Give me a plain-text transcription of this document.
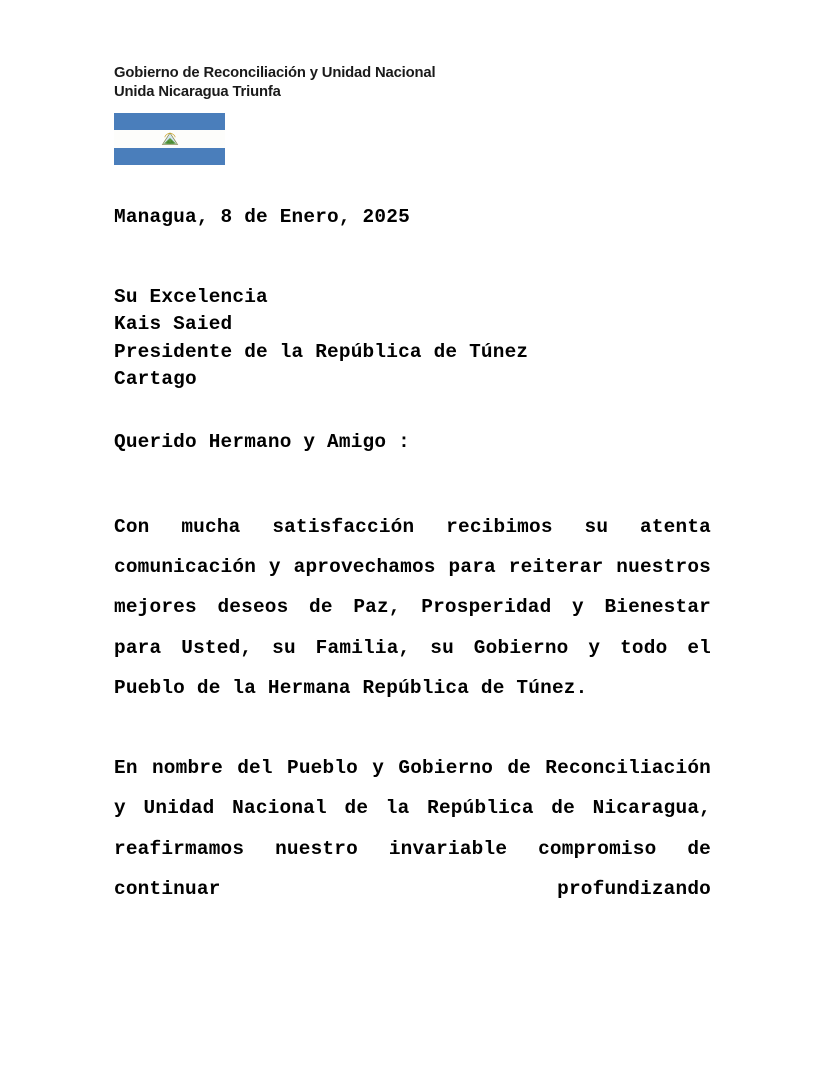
Gobierno de Reconciliación y Unidad Nacional
Unida Nicaragua Triunfa
Managua, 8 de Enero, 2025
Su Excelencia
Kais Saied
Presidente de la República de Túnez
Cartago
Querido Hermano y Amigo :

Con mucha satisfacción recibimos su atenta comunicación y aprovechamos para reiterar nuestros mejores deseos de Paz, Prosperidad y Bienestar para Usted, su Familia, su Gobierno y todo el Pueblo de la Hermana República de Túnez.

En nombre del Pueblo y Gobierno de Reconciliación y Unidad Nacional de la República de Nicaragua, reafirmamos nuestro invariable compromiso de continuar profundizando
